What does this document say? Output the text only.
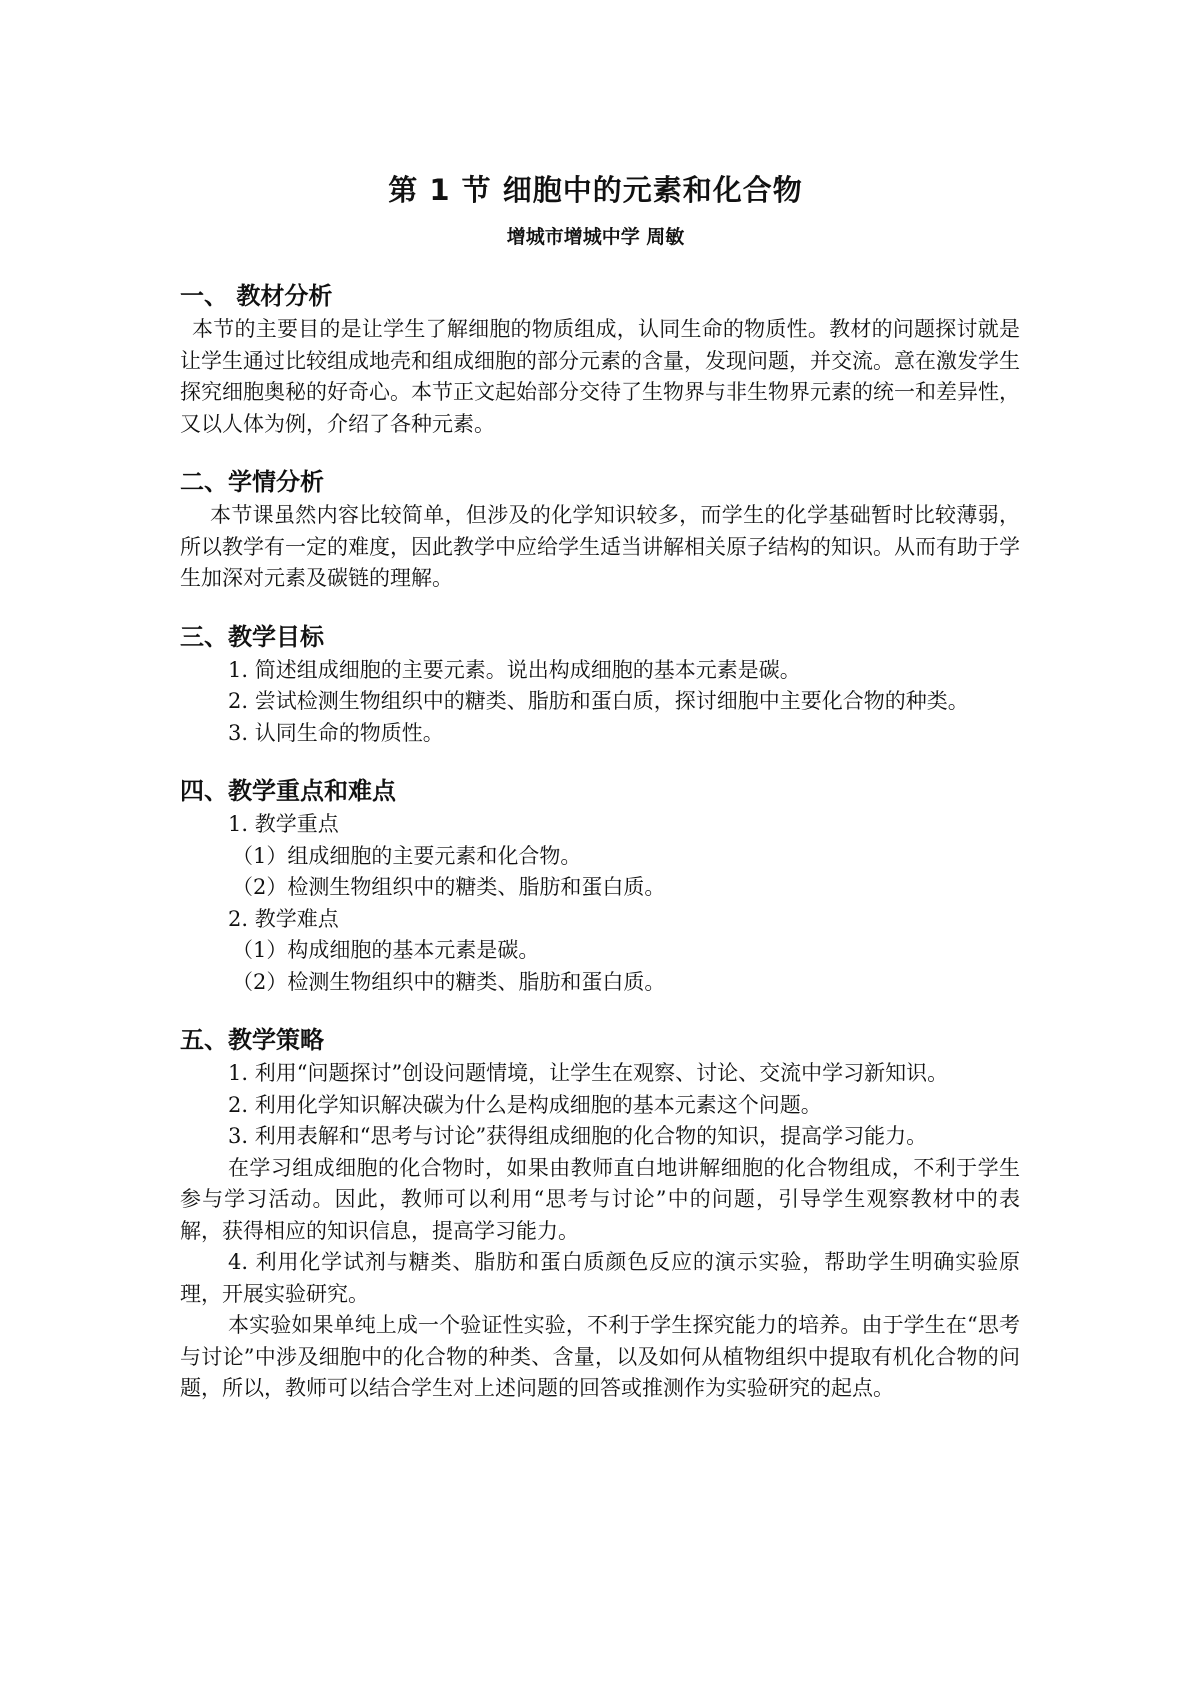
第 1 节 细胞中的元素和化合物
增城市增城中学 周敏
一、 教材分析
本节的主要目的是让学生了解细胞的物质组成，认同生命的物质性。教材的问题探讨就是让学生通过比较组成地壳和组成细胞的部分元素的含量，发现问题，并交流。意在激发学生探究细胞奥秘的好奇心。本节正文起始部分交待了生物界与非生物界元素的统一和差异性，又以人体为例，介绍了各种元素。
二、学情分析
本节课虽然内容比较简单，但涉及的化学知识较多，而学生的化学基础暂时比较薄弱，所以教学有一定的难度，因此教学中应给学生适当讲解相关原子结构的知识。从而有助于学生加深对元素及碳链的理解。
三、教学目标
1. 简述组成细胞的主要元素。说出构成细胞的基本元素是碳。
2. 尝试检测生物组织中的糖类、脂肪和蛋白质，探讨细胞中主要化合物的种类。
3. 认同生命的物质性。
四、教学重点和难点
1. 教学重点
（1）组成细胞的主要元素和化合物。
（2）检测生物组织中的糖类、脂肪和蛋白质。
2. 教学难点
（1）构成细胞的基本元素是碳。
（2）检测生物组织中的糖类、脂肪和蛋白质。
五、教学策略
1. 利用“问题探讨”创设问题情境，让学生在观察、讨论、交流中学习新知识。
2. 利用化学知识解决碳为什么是构成细胞的基本元素这个问题。
3. 利用表解和“思考与讨论”获得组成细胞的化合物的知识，提高学习能力。
在学习组成细胞的化合物时，如果由教师直白地讲解细胞的化合物组成，不利于学生参与学习活动。因此，教师可以利用“思考与讨论”中的问题，引导学生观察教材中的表解，获得相应的知识信息，提高学习能力。
4. 利用化学试剂与糖类、脂肪和蛋白质颜色反应的演示实验，帮助学生明确实验原理，开展实验研究。
本实验如果单纯上成一个验证性实验，不利于学生探究能力的培养。由于学生在“思考与讨论”中涉及细胞中的化合物的种类、含量，以及如何从植物组织中提取有机化合物的问题，所以，教师可以结合学生对上述问题的回答或推测作为实验研究的起点。
